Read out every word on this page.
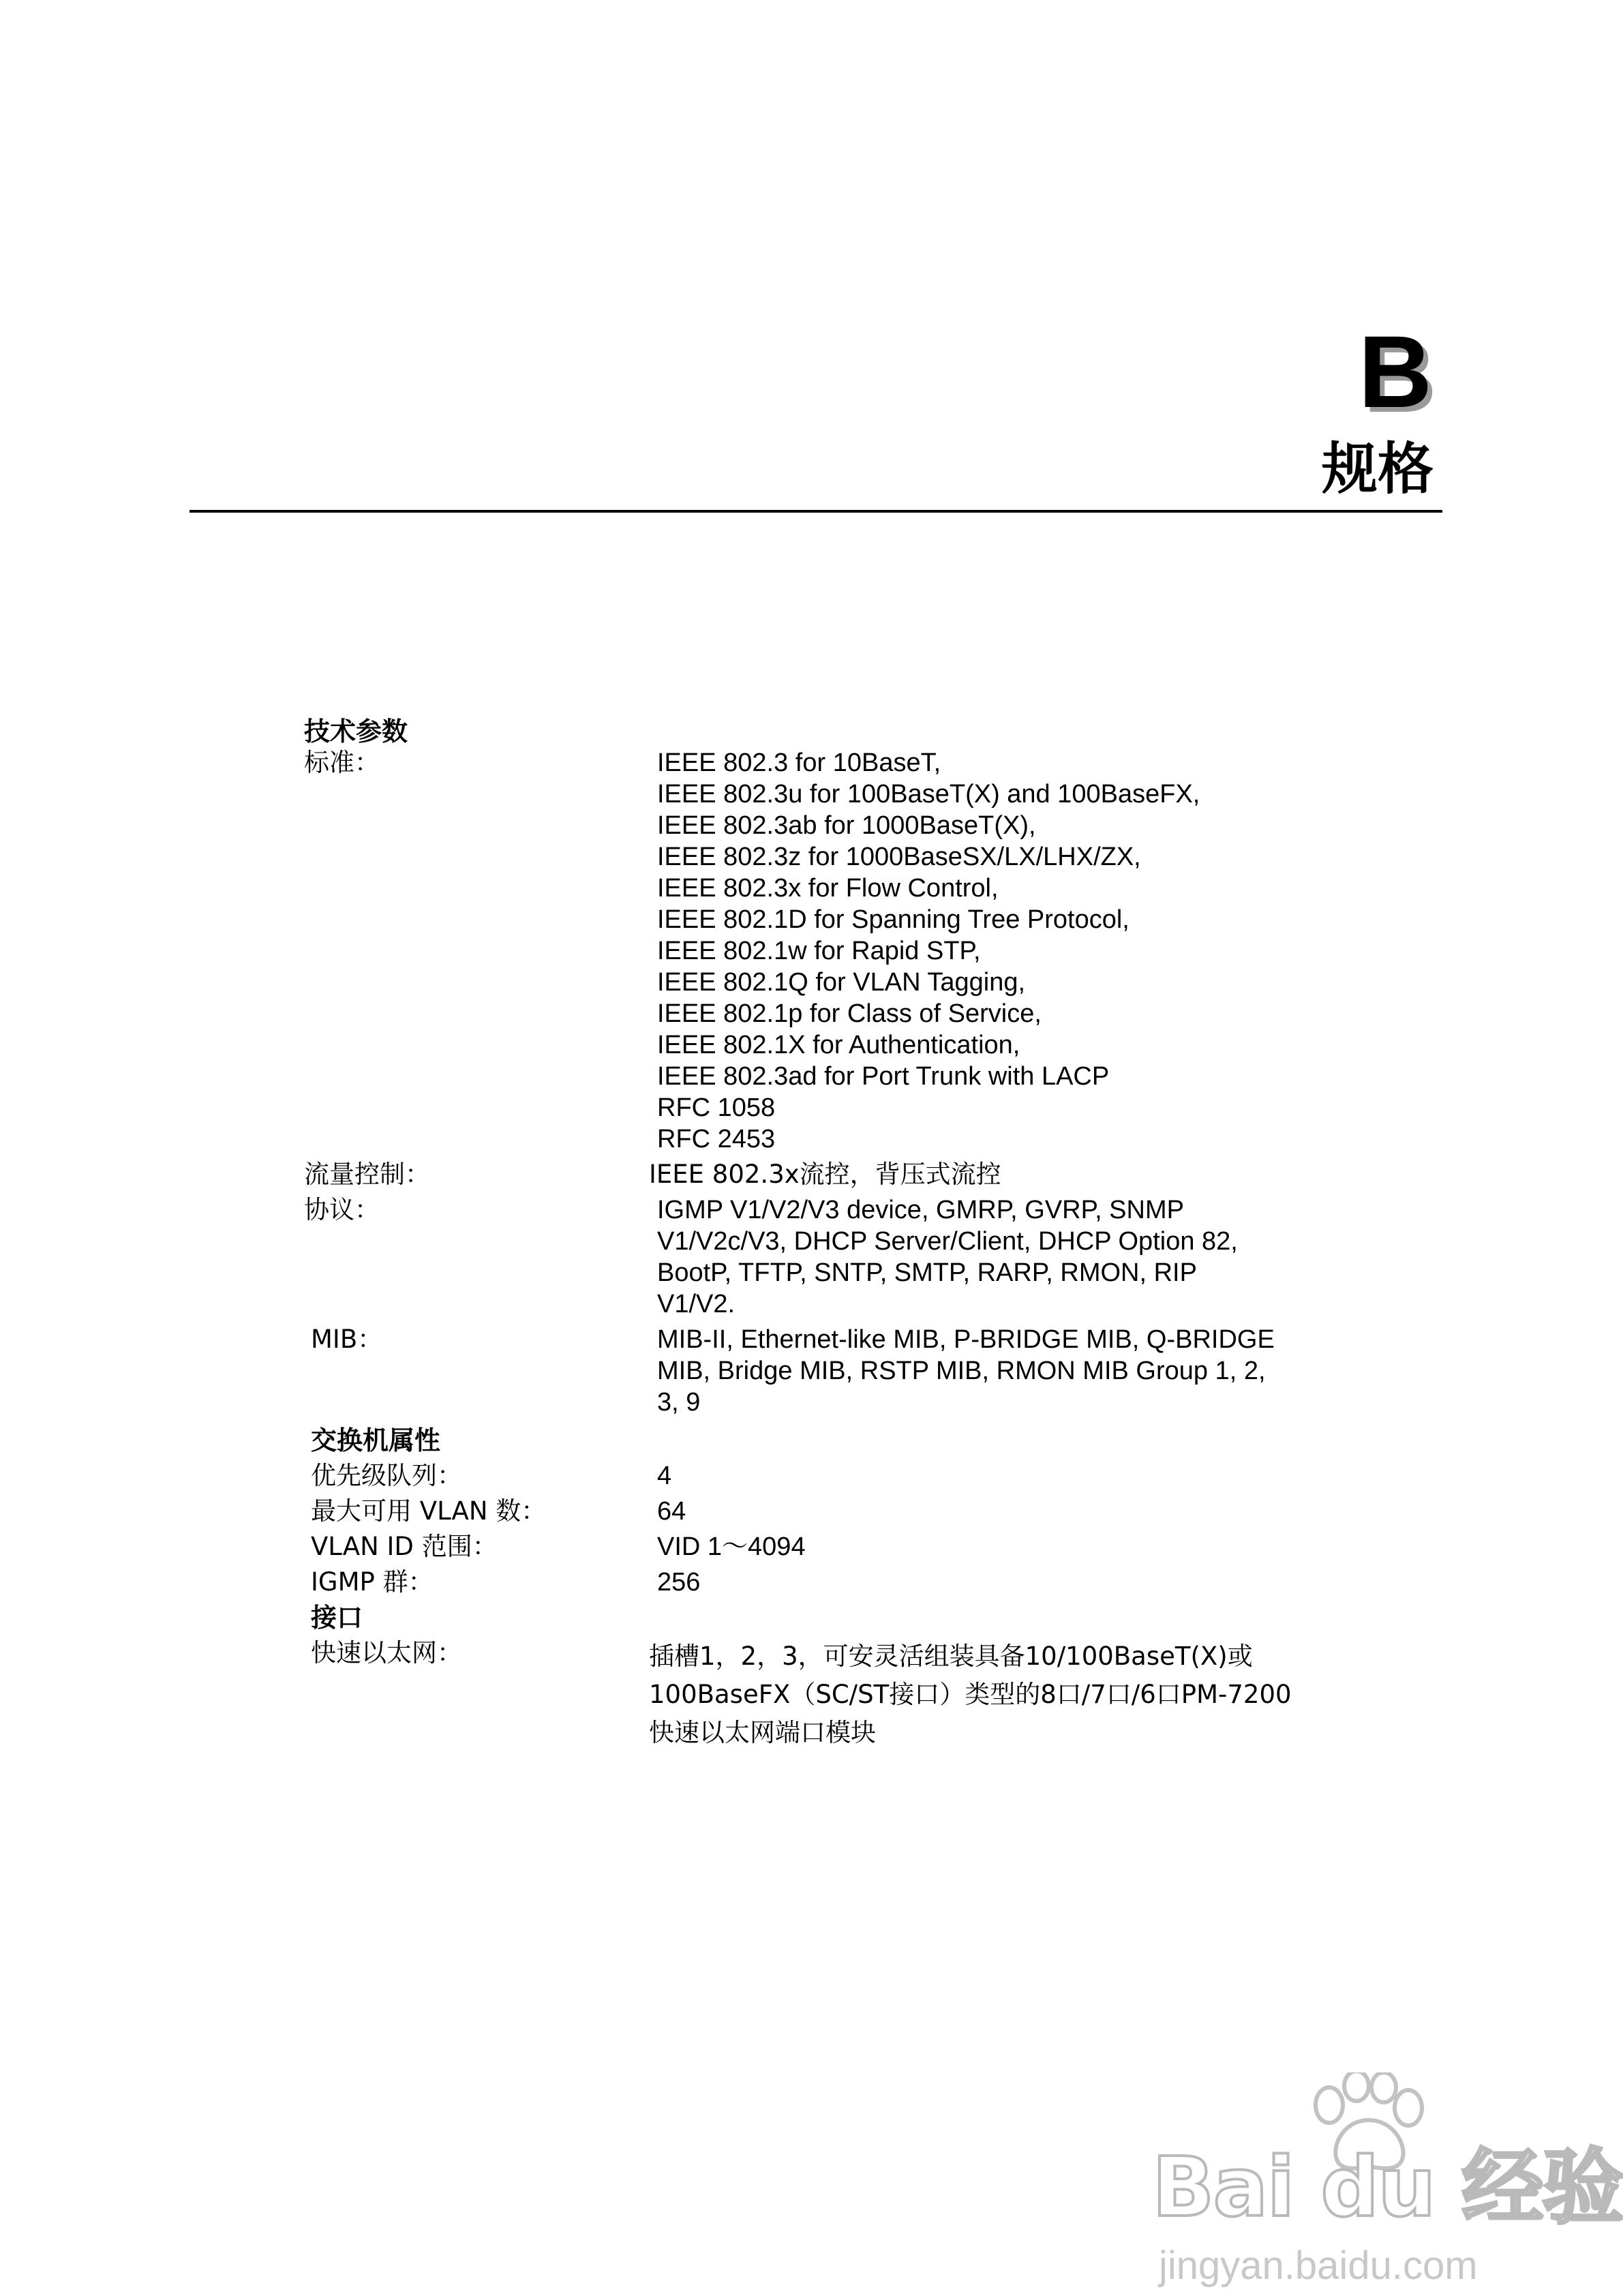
B
规格
技术参数
标准：	IEEE 802.3 for 10BaseT,
IEEE 802.3u for 100BaseT(X) and 100BaseFX,
IEEE 802.3ab for 1000BaseT(X),
IEEE 802.3z for 1000BaseSX/LX/LHX/ZX,
IEEE 802.3x for Flow Control,
IEEE 802.1D for Spanning Tree Protocol,
IEEE 802.1w for Rapid STP,
IEEE 802.1Q for VLAN Tagging,
IEEE 802.1p for Class of Service,
IEEE 802.1X for Authentication,
IEEE 802.3ad for Port Trunk with LACP
RFC 1058
RFC 2453
流量控制：	IEEE 802.3x流控，背压式流控
协议：	IGMP V1/V2/V3 device, GMRP, GVRP, SNMP
V1/V2c/V3, DHCP Server/Client, DHCP Option 82,
BootP, TFTP, SNTP, SMTP, RARP, RMON, RIP
V1/V2.
MIB：	MIB-II, Ethernet-like MIB, P-BRIDGE MIB, Q-BRIDGE
MIB, Bridge MIB, RSTP MIB, RMON MIB Group 1, 2,
3, 9
交换机属性
优先级队列：	4
最大可用 VLAN 数：	64
VLAN ID 范围：	VID 1～4094
IGMP 群：	256
接口
快速以太网：	插槽1，2，3，可安灵活组装具备10/100BaseT(X)或
100BaseFX（SC/ST接口）类型的8口/7口/6口PM-7200
快速以太网端口模块
Bai du 经验
jingyan.baidu.com
